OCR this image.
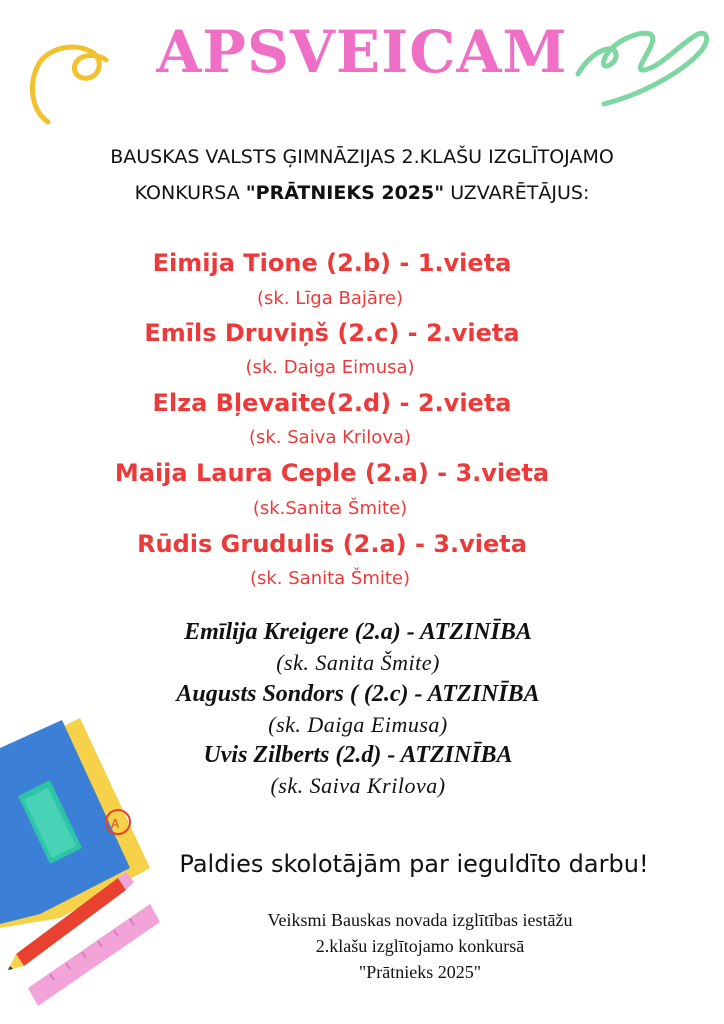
APSVEICAM
BAUSKAS VALSTS ĢIMNĀZIJAS 2.KLAŠU IZGLĪTOJAMO
KONKURSA "PRĀTNIEKS 2025" UZVARĒTĀJUS:
Eimija Tione (2.b) - 1.vieta
(sk. Līga Bajāre)
Emīls Druviņš (2.c) - 2.vieta
(sk. Daiga Eimusa)
Elza Bļevaite(2.d) - 2.vieta
(sk. Saiva Krilova)
Maija Laura Ceple (2.a) - 3.vieta
(sk.Sanita Šmite)
Rūdis Grudulis (2.a) - 3.vieta
(sk. Sanita Šmite)
Emīlija Kreigere (2.a) - ATZINĪBA
(sk. Sanita Šmite)
Augusts Sondors ( (2.c) - ATZINĪBA
(sk. Daiga Eimusa)
Uvis Zilberts (2.d) - ATZINĪBA
(sk. Saiva Krilova)
A
Paldies skolotājām par ieguldīto darbu!
Veiksmi Bauskas novada izglītības iestāžu
2.klašu izglītojamo konkursā
"Prātnieks 2025"
